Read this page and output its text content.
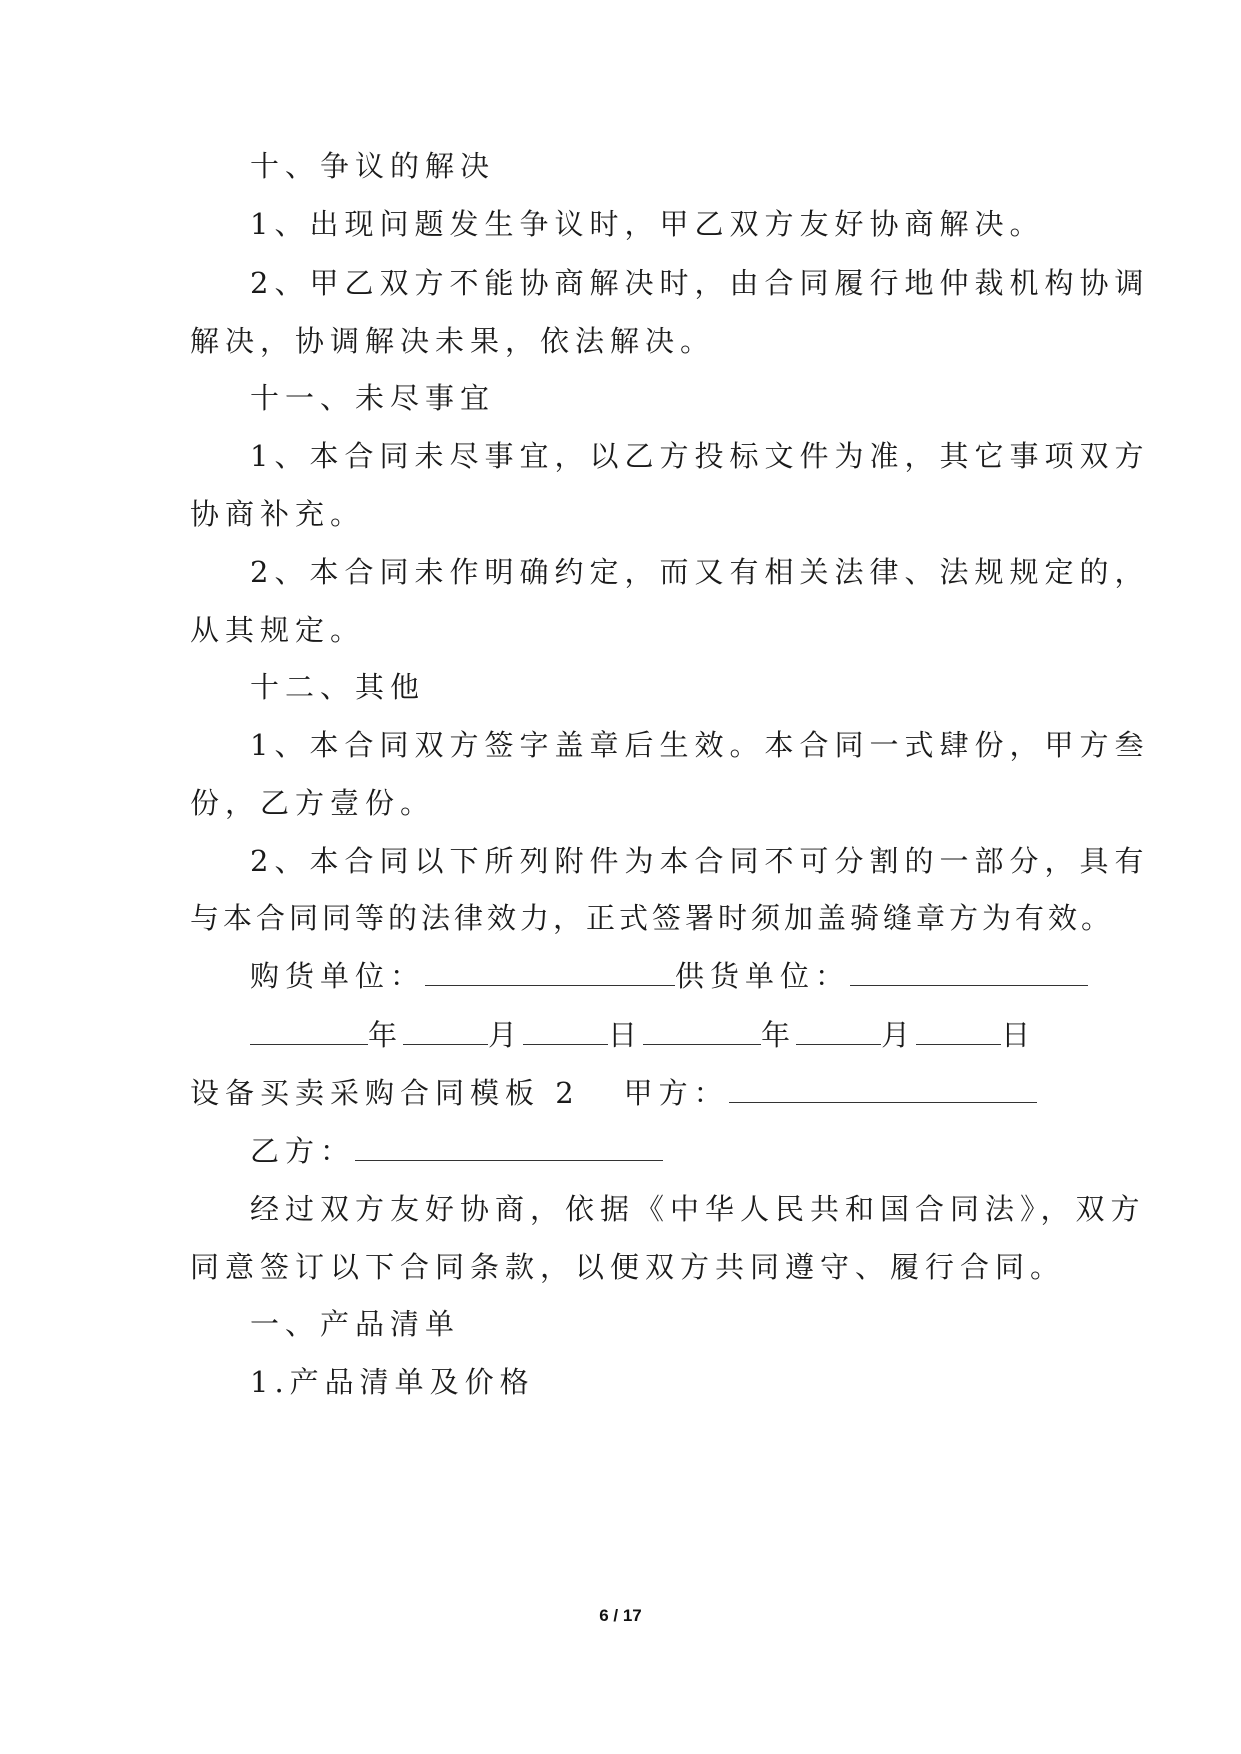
十、争议的解决
1、出现问题发生争议时，甲乙双方友好协商解决。
2、甲乙双方不能协商解决时，由合同履行地仲裁机构协调
解决，协调解决未果，依法解决。
十一、未尽事宜
1、本合同未尽事宜，以乙方投标文件为准，其它事项双方
协商补充。
2、本合同未作明确约定，而又有相关法律、法规规定的，
从其规定。
十二、其他
1、本合同双方签字盖章后生效。本合同一式肆份，甲方叁
份，乙方壹份。
2、本合同以下所列附件为本合同不可分割的一部分，具有
与本合同同等的法律效力，正式签署时须加盖骑缝章方为有效。
购货单位：	供货单位：
年	月	日	年	月	日
设备买卖采购合同模板 2 甲方：
乙方：
经过双方友好协商，依据《中华人民共和国合同法》，双方
同意签订以下合同条款，以便双方共同遵守、履行合同。
一、产品清单
1.产品清单及价格
6 / 17
